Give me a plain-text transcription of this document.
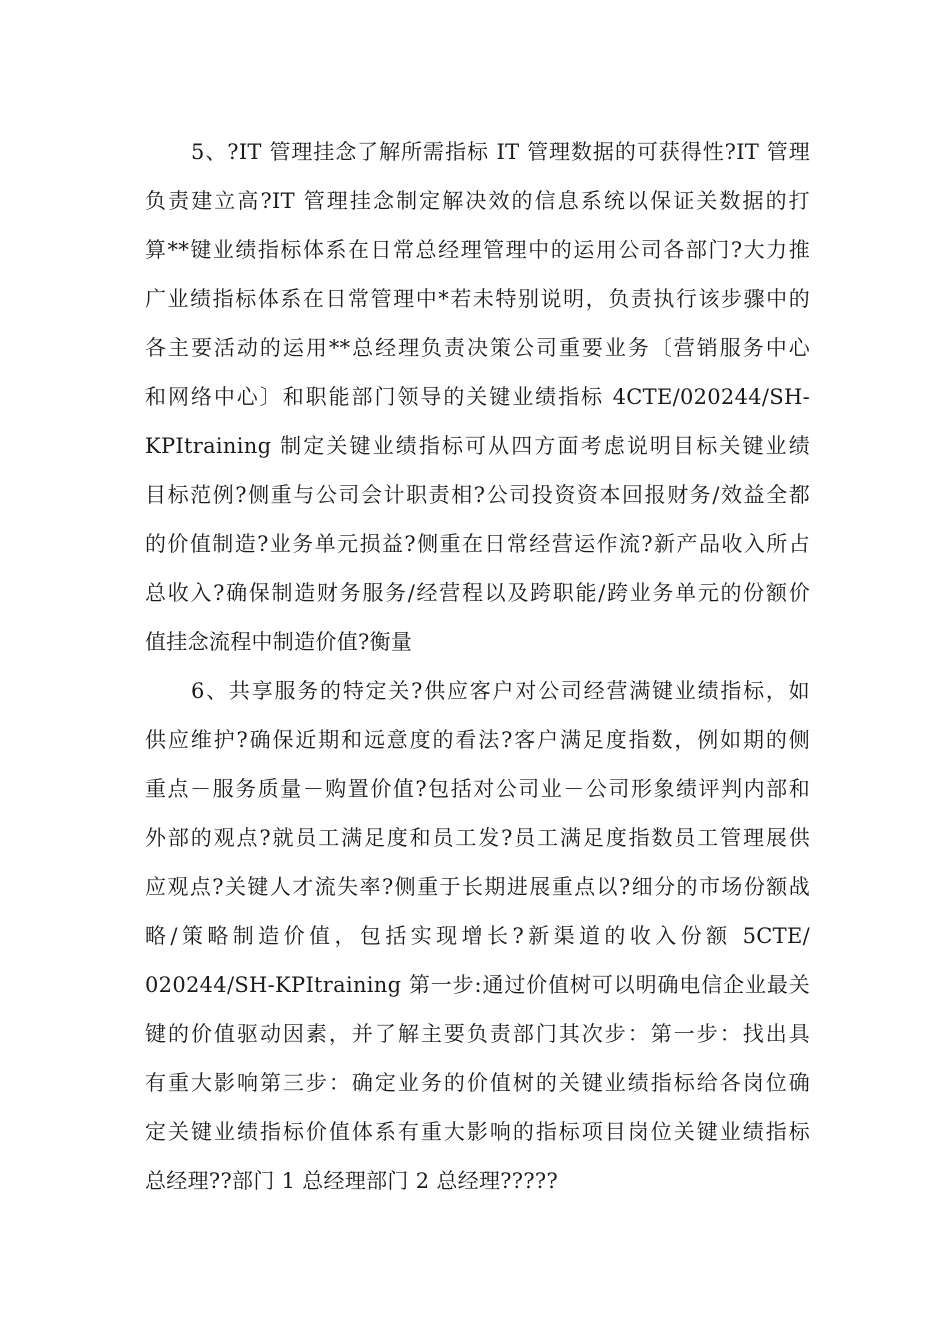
5、?IT 管理挂念了解所需指标 IT 管理数据的可获得性?IT 管理
负责建立高?IT 管理挂念制定解决效的信息系统以保证关数据的打
算**键业绩指标体系在日常总经理管理中的运用公司各部门?大力推
广业绩指标体系在日常管理中*若未特别说明，负责执行该步骤中的
各主要活动的运用**总经理负责决策公司重要业务〔营销服务中心
和网络中心〕和职能部门领导的关键业绩指标 4CTE/020244/SH-
KPItraining 制定关键业绩指标可从四方面考虑说明目标关键业绩
目标范例?侧重与公司会计职责相?公司投资资本回报财务/效益全都
的价值制造?业务单元损益?侧重在日常经营运作流?新产品收入所占
总收入?确保制造财务服务/经营程以及跨职能/跨业务单元的份额价
值挂念流程中制造价值?衡量
6、共享服务的特定关?供应客户对公司经营满键业绩指标，如
供应维护?确保近期和远意度的看法?客户满足度指数，例如期的侧
重点－服务质量－购置价值?包括对公司业－公司形象绩评判内部和
外部的观点?就员工满足度和员工发?员工满足度指数员工管理展供
应观点?关键人才流失率?侧重于长期进展重点以?细分的市场份额战
略/策略制造价值，包括实现增长?新渠道的收入份额 5CTE/
020244/SH-KPItraining 第一步:通过价值树可以明确电信企业最关
键的价值驱动因素，并了解主要负责部门其次步：第一步：找出具
有重大影响第三步：确定业务的价值树的关键业绩指标给各岗位确
定关键业绩指标价值体系有重大影响的指标项目岗位关键业绩指标
总经理??部门 1 总经理部门 2 总经理?????
